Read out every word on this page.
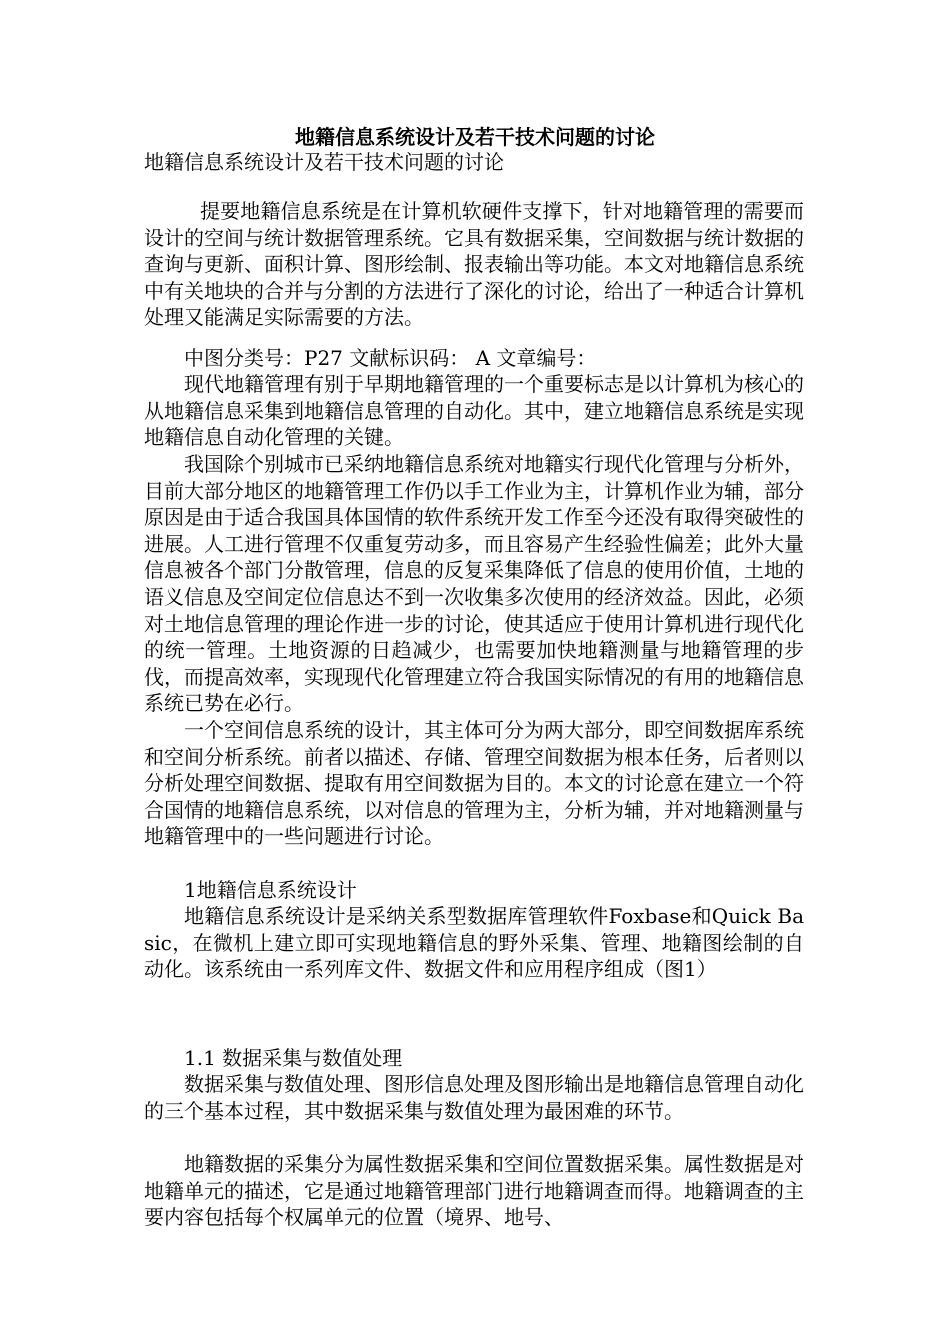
地籍信息系统设计及若干技术问题的讨论

地籍信息系统设计及若干技术问题的讨论

提要地籍信息系统是在计算机软硬件支撑下，针对地籍管理的需要而设计的空间与统计数据管理系统。它具有数据采集，空间数据与统计数据的查询与更新、面积计算、图形绘制、报表输出等功能。本文对地籍信息系统中有关地块的合并与分割的方法进行了深化的讨论，给出了一种适合计算机处理又能满足实际需要的方法。

中图分类号：P27 文献标识码： A 文章编号：

现代地籍管理有别于早期地籍管理的一个重要标志是以计算机为核心的从地籍信息采集到地籍信息管理的自动化。其中，建立地籍信息系统是实现地籍信息自动化管理的关键。

我国除个别城市已采纳地籍信息系统对地籍实行现代化管理与分析外，目前大部分地区的地籍管理工作仍以手工作业为主，计算机作业为辅，部分原因是由于适合我国具体国情的软件系统开发工作至今还没有取得突破性的进展。人工进行管理不仅重复劳动多，而且容易产生经验性偏差；此外大量信息被各个部门分散管理，信息的反复采集降低了信息的使用价值，土地的语义信息及空间定位信息达不到一次收集多次使用的经济效益。因此，必须对土地信息管理的理论作进一步的讨论，使其适应于使用计算机进行现代化的统一管理。土地资源的日趋减少，也需要加快地籍测量与地籍管理的步伐，而提高效率，实现现代化管理建立符合我国实际情况的有用的地籍信息系统已势在必行。

一个空间信息系统的设计，其主体可分为两大部分，即空间数据库系统和空间分析系统。前者以描述、存储、管理空间数据为根本任务，后者则以分析处理空间数据、提取有用空间数据为目的。本文的讨论意在建立一个符合国情的地籍信息系统，以对信息的管理为主，分析为辅，并对地籍测量与地籍管理中的一些问题进行讨论。

1地籍信息系统设计

地籍信息系统设计是采纳关系型数据库管理软件Foxbase和Quick Basic，在微机上建立即可实现地籍信息的野外采集、管理、地籍图绘制的自动化。该系统由一系列库文件、数据文件和应用程序组成（图1）

1.1 数据采集与数值处理

数据采集与数值处理、图形信息处理及图形输出是地籍信息管理自动化的三个基本过程，其中数据采集与数值处理为最困难的环节。

地籍数据的采集分为属性数据采集和空间位置数据采集。属性数据是对地籍单元的描述，它是通过地籍管理部门进行地籍调查而得。地籍调查的主要内容包括每个权属单元的位置（境界、地号、
